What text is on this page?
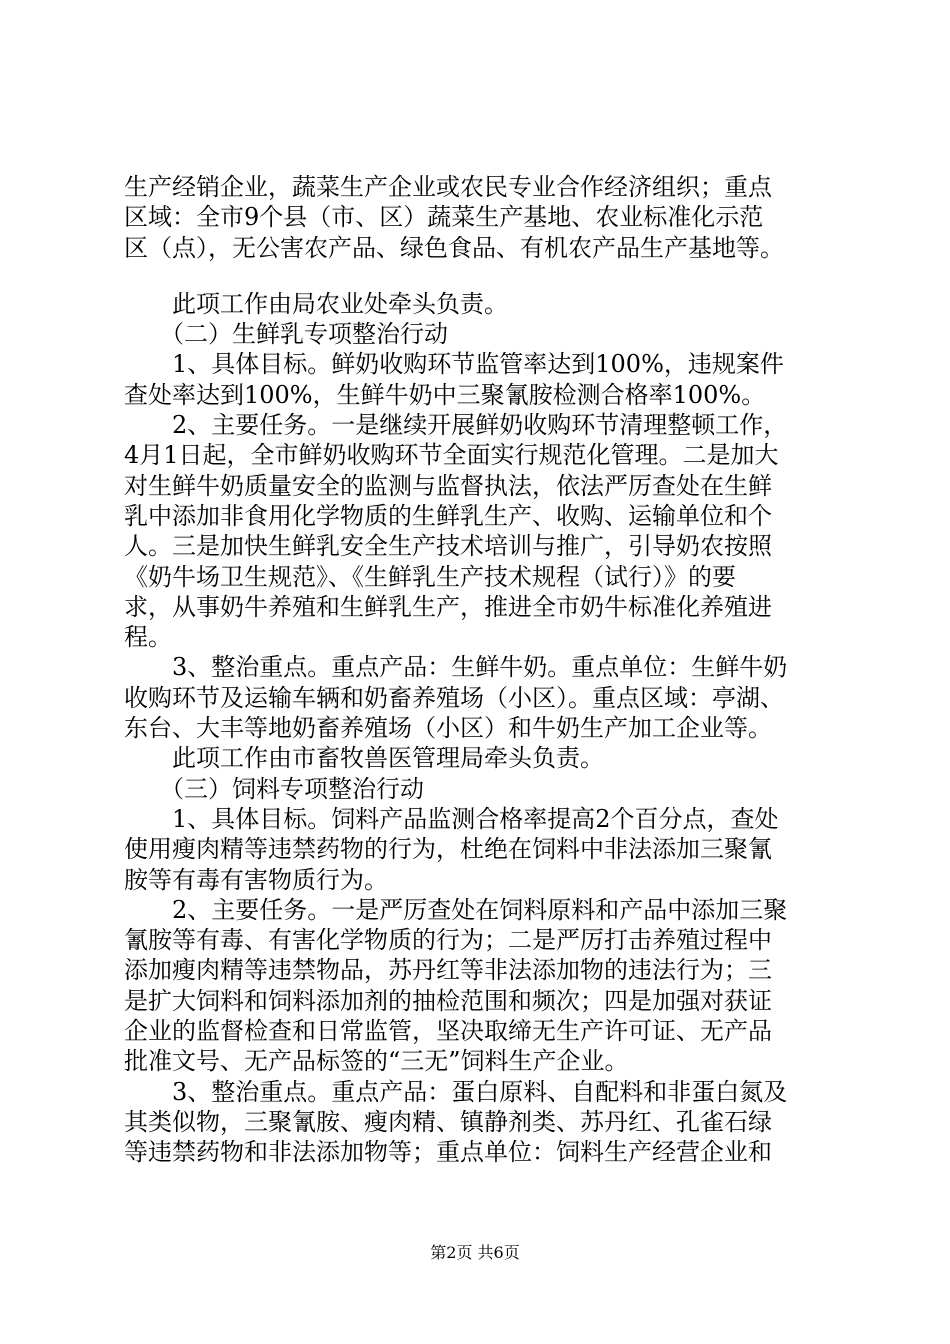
生产经销企业，蔬菜生产企业或农民专业合作经济组织；重点

区域：全市9个县（市、区）蔬菜生产基地、农业标准化示范

区（点），无公害农产品、绿色食品、有机农产品生产基地等。

　　此项工作由局农业处牵头负责。

　　（二）生鲜乳专项整治行动

　　1、具体目标。鲜奶收购环节监管率达到100%，违规案件

查处率达到100%，生鲜牛奶中三聚氰胺检测合格率100%。

　　2、主要任务。一是继续开展鲜奶收购环节清理整顿工作，

4月1日起，全市鲜奶收购环节全面实行规范化管理。二是加大

对生鲜牛奶质量安全的监测与监督执法，依法严厉查处在生鲜

乳中添加非食用化学物质的生鲜乳生产、收购、运输单位和个

人。三是加快生鲜乳安全生产技术培训与推广，引导奶农按照

《奶牛场卫生规范》、《生鲜乳生产技术规程（试行）》的要

求，从事奶牛养殖和生鲜乳生产，推进全市奶牛标准化养殖进

程。

　　3、整治重点。重点产品：生鲜牛奶。重点单位：生鲜牛奶

收购环节及运输车辆和奶畜养殖场（小区）。重点区域：亭湖、

东台、大丰等地奶畜养殖场（小区）和牛奶生产加工企业等。

　　此项工作由市畜牧兽医管理局牵头负责。

　　（三）饲料专项整治行动

　　1、具体目标。饲料产品监测合格率提高2个百分点，查处

使用瘦肉精等违禁药物的行为，杜绝在饲料中非法添加三聚氰

胺等有毒有害物质行为。

　　2、主要任务。一是严厉查处在饲料原料和产品中添加三聚

氰胺等有毒、有害化学物质的行为；二是严厉打击养殖过程中

添加瘦肉精等违禁物品，苏丹红等非法添加物的违法行为；三

是扩大饲料和饲料添加剂的抽检范围和频次；四是加强对获证

企业的监督检查和日常监管，坚决取缔无生产许可证、无产品

批准文号、无产品标签的“三无”饲料生产企业。

　　3、整治重点。重点产品：蛋白原料、自配料和非蛋白氮及

其类似物，三聚氰胺、瘦肉精、镇静剂类、苏丹红、孔雀石绿

等违禁药物和非法添加物等；重点单位：饲料生产经营企业和

第2页 共6页
